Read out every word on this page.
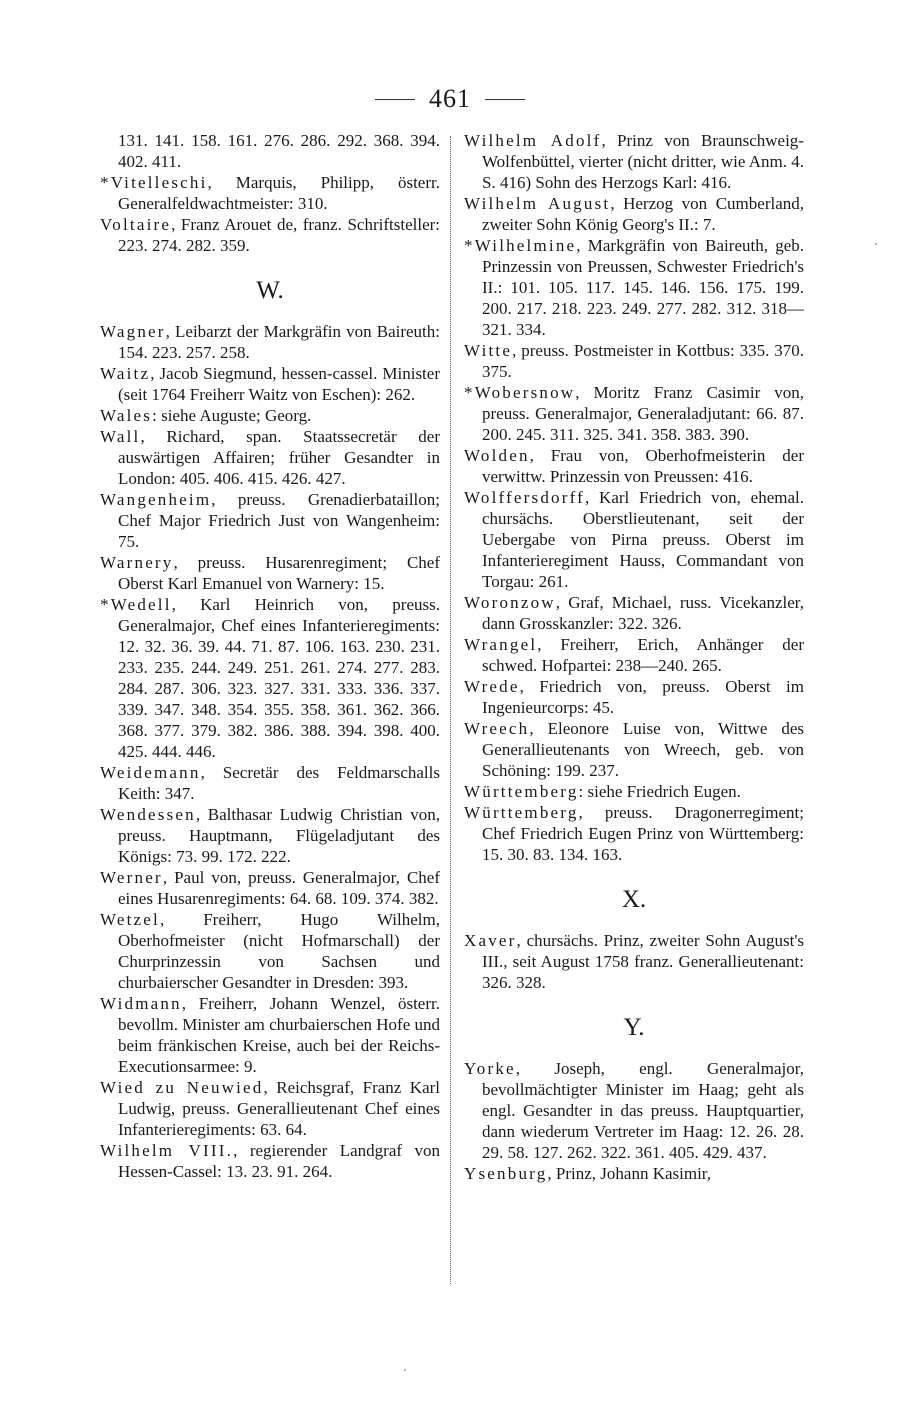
461

131. 141. 158. 161. 276. 286. 292. 368. 394. 402. 411.

*Vitelleschi, Marquis, Philipp, österr. Generalfeldwachtmeister: 310.

Voltaire, Franz Arouet de, franz. Schriftsteller: 223. 274. 282. 359.

W.

Wagner, Leibarzt der Markgräfin von Baireuth: 154. 223. 257. 258.

Waitz, Jacob Siegmund, hessen-cassel. Minister (seit 1764 Freiherr Waitz von Eschen): 262.

Wales: siehe Auguste; Georg.

Wall, Richard, span. Staatssecretär der auswärtigen Affairen; früher Gesandter in London: 405. 406. 415. 426. 427.

Wangenheim, preuss. Grenadierbataillon; Chef Major Friedrich Just von Wangenheim: 75.

Warnery, preuss. Husarenregiment; Chef Oberst Karl Emanuel von Warnery: 15.

*Wedell, Karl Heinrich von, preuss. Generalmajor, Chef eines Infanterieregiments: 12. 32. 36. 39. 44. 71. 87. 106. 163. 230. 231. 233. 235. 244. 249. 251. 261. 274. 277. 283. 284. 287. 306. 323. 327. 331. 333. 336. 337. 339. 347. 348. 354. 355. 358. 361. 362. 366. 368. 377. 379. 382. 386. 388. 394. 398. 400. 425. 444. 446.

Weidemann, Secretär des Feldmarschalls Keith: 347.

Wendessen, Balthasar Ludwig Christian von, preuss. Hauptmann, Flügeladjutant des Königs: 73. 99. 172. 222.

Werner, Paul von, preuss. Generalmajor, Chef eines Husarenregiments: 64. 68. 109. 374. 382.

Wetzel, Freiherr, Hugo Wilhelm, Oberhofmeister (nicht Hofmarschall) der Churprinzessin von Sachsen und churbaierscher Gesandter in Dresden: 393.

Widmann, Freiherr, Johann Wenzel, österr. bevollm. Minister am churbaierschen Hofe und beim fränkischen Kreise, auch bei der Reichs-Executionsarmee: 9.

Wied zu Neuwied, Reichsgraf, Franz Karl Ludwig, preuss. Generallieutenant Chef eines Infanterieregiments: 63. 64.

Wilhelm VIII., regierender Landgraf von Hessen-Cassel: 13. 23. 91. 264.

Wilhelm Adolf, Prinz von Braunschweig-Wolfenbüttel, vierter (nicht dritter, wie Anm. 4. S. 416) Sohn des Herzogs Karl: 416.

Wilhelm August, Herzog von Cumberland, zweiter Sohn König Georg's II.: 7.

*Wilhelmine, Markgräfin von Baireuth, geb. Prinzessin von Preussen, Schwester Friedrich's II.: 101. 105. 117. 145. 146. 156. 175. 199. 200. 217. 218. 223. 249. 277. 282. 312. 318—321. 334.

Witte, preuss. Postmeister in Kottbus: 335. 370. 375.

*Wobersnow, Moritz Franz Casimir von, preuss. Generalmajor, Generaladjutant: 66. 87. 200. 245. 311. 325. 341. 358. 383. 390.

Wolden, Frau von, Oberhofmeisterin der verwittw. Prinzessin von Preussen: 416.

Wolffersdorff, Karl Friedrich von, ehemal. chursächs. Oberstlieutenant, seit der Uebergabe von Pirna preuss. Oberst im Infanterieregiment Hauss, Commandant von Torgau: 261.

Woronzow, Graf, Michael, russ. Vicekanzler, dann Grosskanzler: 322. 326.

Wrangel, Freiherr, Erich, Anhänger der schwed. Hofpartei: 238—240. 265.

Wrede, Friedrich von, preuss. Oberst im Ingenieurcorps: 45.

Wreech, Eleonore Luise von, Wittwe des Generallieutenants von Wreech, geb. von Schöning: 199. 237.

Württemberg: siehe Friedrich Eugen.

Württemberg, preuss. Dragonerregiment; Chef Friedrich Eugen Prinz von Württemberg: 15. 30. 83. 134. 163.

X.

Xaver, chursächs. Prinz, zweiter Sohn August's III., seit August 1758 franz. Generallieutenant: 326. 328.

Y.

Yorke, Joseph, engl. Generalmajor, bevollmächtigter Minister im Haag; geht als engl. Gesandter in das preuss. Hauptquartier, dann wiederum Vertreter im Haag: 12. 26. 28. 29. 58. 127. 262. 322. 361. 405. 429. 437.

Ysenburg, Prinz, Johann Kasimir,
